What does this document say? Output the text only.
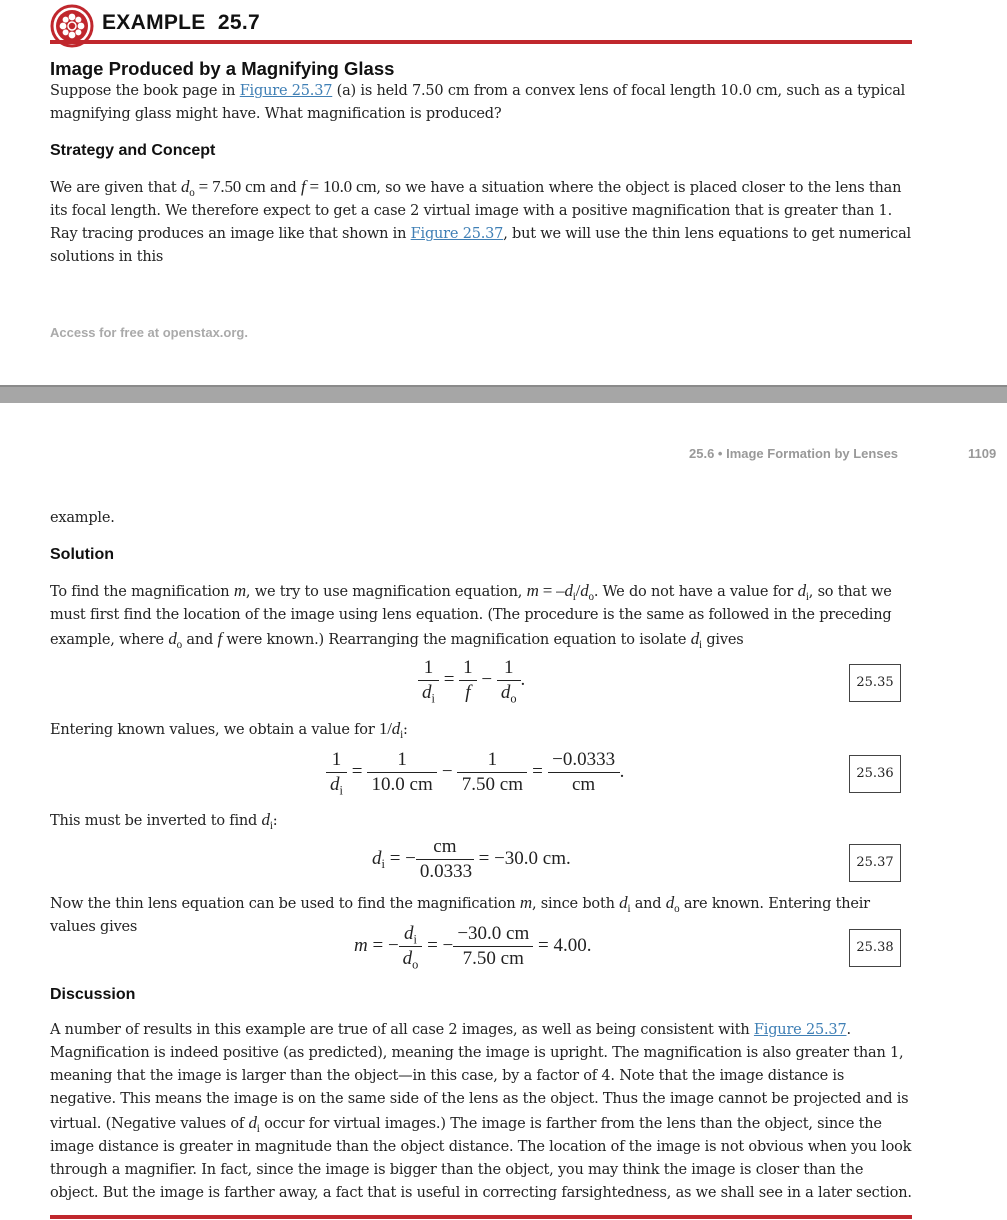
EXAMPLE 25.7
Image Produced by a Magnifying Glass
Suppose the book page in Figure 25.37 (a) is held 7.50 cm from a convex lens of focal length 10.0 cm, such as a typical magnifying glass might have. What magnification is produced?
Strategy and Concept
We are given that $d_o = 7.50$ cm and f = 10.0 cm, so we have a situation where the object is placed closer to the lens than its focal length. We therefore expect to get a case 2 virtual image with a positive magnification that is greater than 1. Ray tracing produces an image like that shown in Figure 25.37, but we will use the thin lens equations to get numerical solutions in this
Access for free at openstax.org.
25.6 • Image Formation by Lenses	1109
example.
Solution
To find the magnification m, we try to use magnification equation, $m = -d_i/d_o$. We do not have a value for $d_i$, so that we must first find the location of the image using lens equation. (The procedure is the same as followed in the preceding example, where $d_o$ and f were known.) Rearranging the magnification equation to isolate $d_i$ gives
$\frac{1}{d_i} = \frac{1}{f} - \frac{1}{d_o}$ .	25.35
Entering known values, we obtain a value for $1/d_i$:
$\frac{1}{d_i} = \frac{1}{10.0 cm} - \frac{1}{7.50 cm} = \frac{-0.0333}{cm}$ .	25.36
This must be inverted to find $d_i$:
$d_i$ = − $\frac{cm}{0.0333} = -30.0$ cm.	25.37
Now the thin lens equation can be used to find the magnification m, since both $d_i$ and $d_o$ are known. Entering their values gives
m = − $\frac{d_i}{d_o}$ = − $\frac{-30.0 cm}{7.50 cm} = 4.00$.	25.38
Discussion
A number of results in this example are true of all case 2 images, as well as being consistent with Figure 25.37. Magnification is indeed positive (as predicted), meaning the image is upright. The magnification is also greater than 1, meaning that the image is larger than the object—in this case, by a factor of 4. Note that the image distance is negative. This means the image is on the same side of the lens as the object. Thus the image cannot be projected and is virtual. (Negative values of $d_i$ occur for virtual images.) The image is farther from the lens than the object, since the image distance is greater in magnitude than the object distance. The location of the image is not obvious when you look through a magnifier. In fact, since the image is bigger than the object, you may think the image is closer than the object. But the image is farther away, a fact that is useful in correcting farsightedness, as we shall see in a later section.
